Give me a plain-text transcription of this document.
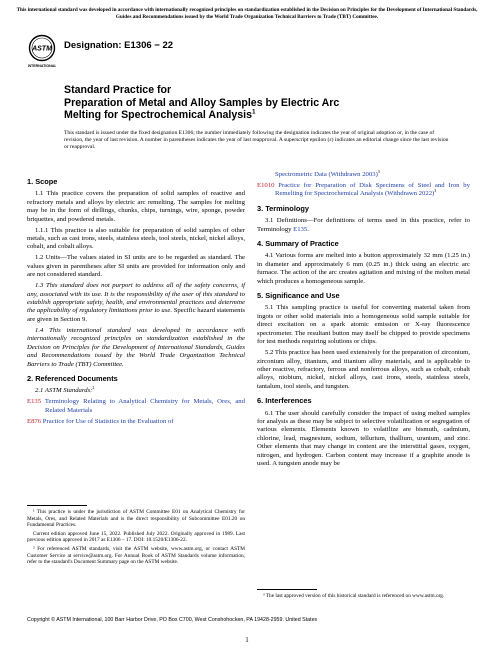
This international standard was developed in accordance with internationally recognized principles on standardization established in the Decision on Principles for the Development of International Standards, Guides and Recommendations issued by the World Trade Organization Technical Barriers to Trade (TBT) Committee.
ASTM
INTERNATIONAL
Designation: E1306 − 22
Standard Practice for
Preparation of Metal and Alloy Samples by Electric Arc
Melting for Spectrochemical Analysis$^1$
This standard is issued under the fixed designation E1306; the number immediately following the designation indicates the year of original adoption or, in the case of revision, the year of last revision. A number in parentheses indicates the year of last reapproval. A superscript epsilon (ε) indicates an editorial change since the last revision or reapproval.
1. Scope

1.1 This practice covers the preparation of solid samples of reactive and refractory metals and alloys by electric arc remelting. The samples for melting may be in the form of dirllings, chunks, chips, turnings, wire, sponge, powder briquettes, and powdered metals.

1.1.1 This practice is also suitable for preparation of solid samples of other metals, such as cast irons, steels, stainless steels, tool steels, nickel, nickel alloys, cobalt, and cobalt alloys.

1.2 Units—The values stated in SI units are to be regarded as standard. The values given in parentheses after SI units are provided for information only and are not considered standard.

1.3 This standard does not purport to address all of the safety concerns, if any, associated with its use. It is the responsibility of the user of this standard to establish appropriate safety, health, and environmental practices and determine the applicability of regulatory limitations prior to use. Specific hazard statements are given in Section 9.

1.4 This international standard was developed in accordance with internationally recognized principles on standardization established in the Decision on Principles for the Development of International Standards, Guides and Recommendations issued by the World Trade Organization Technical Barriers to Trade (TBT) Committee.

2. Referenced Documents

2.1 ASTM Standards:$^2$

E135 Terminology Relating to Analytical Chemistry for Metals, Ores, and Related Materials

E876 Practice for Use of Statistics in the Evaluation of

Spectrometric Data (Withdrawn 2003)$^3$

E1010 Practice for Preparation of Disk Specimens of Steel and Iron by Remelting for Spectrochemical Analysis (Withdrawn 2022)$^3$

3. Terminology

3.1 Definitions—For definitions of terms used in this practice, refer to Terminology E135.

4. Summary of Practice

4.1 Various forms are melted into a button approximately 32 mm (1.25 in.) in diameter and approximately 6 mm (0.25 in.) thick using an electric arc furnace. The action of the arc creates agitation and mixing of the molten metal which produces a homogeneous sample.

5. Significance and Use

5.1 This sampling practice is useful for converting material taken from ingots or other solid materials into a homogeneous solid sample suitable for direct excitation on a spark atomic emission or X-ray fluorescence spectrometer. The resultant button may itself be chipped to provide specimens for test methods requiring solutions or chips.

5.2 This practice has been used extensively for the preparation of zirconium, zirconium alloy, titanium, and titanium alloy materials, and is applicable to other reactive, refractory, ferrous and nonferrous alloys, such as cobalt, cobalt alloys, niobium, nickel, nickel alloys, cast irons, steels, stainless steels, tantalum, tool steels, and tungsten.

6. Interferences

6.1 The user should carefully consider the impact of using melted samples for analysis as these may be subject to selective volatilization or segregation of various elements. Elements known to volatilize are bismuth, cadmium, chlorine, lead, magnesium, sodium, tellurium, thallium, uranium, and zinc. Other elements that may change in content are the interstitial gases, oxygen, nitrogen, and hydrogen. Carbon content may increase if a graphite anode is used. A tungsten anode may be

¹ This practice is under the jurisdiction of ASTM Committee E01 on Analytical Chemistry for Metals, Ores, and Related Materials and is the direct responsibility of Subcommittee E01.20 on Fundamental Practices.

Current edition approved June 15, 2022. Published July 2022. Originally approved in 1989. Last previous edition approved in 2017 as E1306 – 17. DOI: 10.1520/E1306-22.

² For referenced ASTM standards, visit the ASTM website, www.astm.org, or contact ASTM Customer Service at service@astm.org. For Annual Book of ASTM Standards volume information, refer to the standard's Document Summary page on the ASTM website.

³ The last approved version of this historical standard is referenced on www.astm.org.

Copyright © ASTM International, 100 Barr Harbor Drive, PO Box C700, West Conshohocken, PA 19428-2959. United States
1
